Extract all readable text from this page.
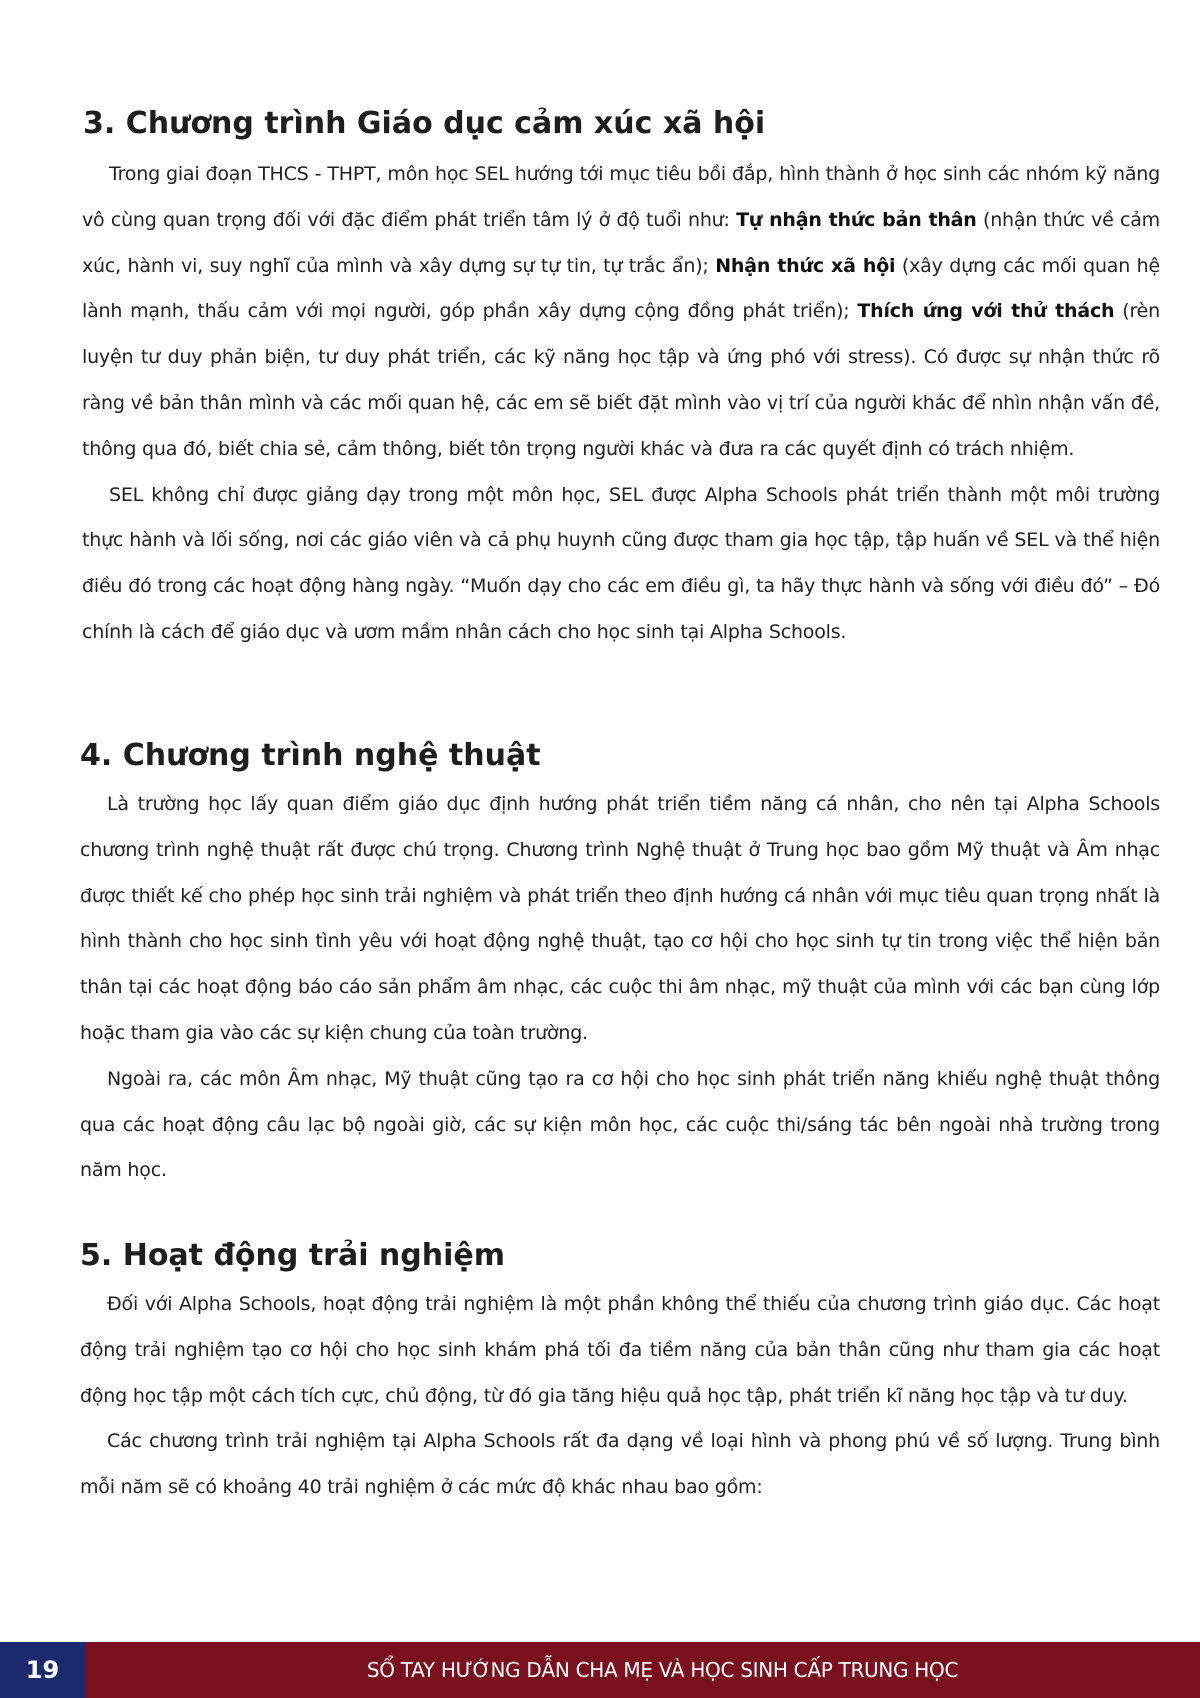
3. Chương trình Giáo dục cảm xúc xã hội

Trong giai đoạn THCS - THPT, môn học SEL hướng tới mục tiêu bồi đắp, hình thành ở học sinh các nhóm kỹ năng vô cùng quan trọng đối với đặc điểm phát triển tâm lý ở độ tuổi như: Tự nhận thức bản thân (nhận thức về cảm xúc, hành vi, suy nghĩ của mình và xây dựng sự tự tin, tự trắc ẩn); Nhận thức xã hội (xây dựng các mối quan hệ lành mạnh, thấu cảm với mọi người, góp phần xây dựng cộng đồng phát triển); Thích ứng với thử thách (rèn luyện tư duy phản biện, tư duy phát triển, các kỹ năng học tập và ứng phó với stress). Có được sự nhận thức rõ ràng về bản thân mình và các mối quan hệ, các em sẽ biết đặt mình vào vị trí của người khác để nhìn nhận vấn đề, thông qua đó, biết chia sẻ, cảm thông, biết tôn trọng người khác và đưa ra các quyết định có trách nhiệm.

SEL không chỉ được giảng dạy trong một môn học, SEL được Alpha Schools phát triển thành một môi trường thực hành và lối sống, nơi các giáo viên và cả phụ huynh cũng được tham gia học tập, tập huấn về SEL và thể hiện điều đó trong các hoạt động hàng ngày. “Muốn dạy cho các em điều gì, ta hãy thực hành và sống với điều đó” – Đó chính là cách để giáo dục và ươm mầm nhân cách cho học sinh tại Alpha Schools.

4. Chương trình nghệ thuật

Là trường học lấy quan điểm giáo dục định hướng phát triển tiềm năng cá nhân, cho nên tại Alpha Schools chương trình nghệ thuật rất được chú trọng. Chương trình Nghệ thuật ở Trung học bao gồm Mỹ thuật và Âm nhạc được thiết kế cho phép học sinh trải nghiệm và phát triển theo định hướng cá nhân với mục tiêu quan trọng nhất là hình thành cho học sinh tình yêu với hoạt động nghệ thuật, tạo cơ hội cho học sinh tự tin trong việc thể hiện bản thân tại các hoạt động báo cáo sản phẩm âm nhạc, các cuộc thi âm nhạc, mỹ thuật của mình với các bạn cùng lớp hoặc tham gia vào các sự kiện chung của toàn trường.

Ngoài ra, các môn Âm nhạc, Mỹ thuật cũng tạo ra cơ hội cho học sinh phát triển năng khiếu nghệ thuật thông qua các hoạt động câu lạc bộ ngoài giờ, các sự kiện môn học, các cuộc thi/sáng tác bên ngoài nhà trường trong năm học.

5. Hoạt động trải nghiệm

Đối với Alpha Schools, hoạt động trải nghiệm là một phần không thể thiếu của chương trình giáo dục. Các hoạt động trải nghiệm tạo cơ hội cho học sinh khám phá tối đa tiềm năng của bản thân cũng như tham gia các hoạt động học tập một cách tích cực, chủ động, từ đó gia tăng hiệu quả học tập, phát triển kĩ năng học tập và tư duy.

Các chương trình trải nghiệm tại Alpha Schools rất đa dạng về loại hình và phong phú về số lượng. Trung bình mỗi năm sẽ có khoảng 40 trải nghiệm ở các mức độ khác nhau bao gồm:

19	SỔ TAY HƯỚNG DẪN CHA MẸ VÀ HỌC SINH CẤP TRUNG HỌC
